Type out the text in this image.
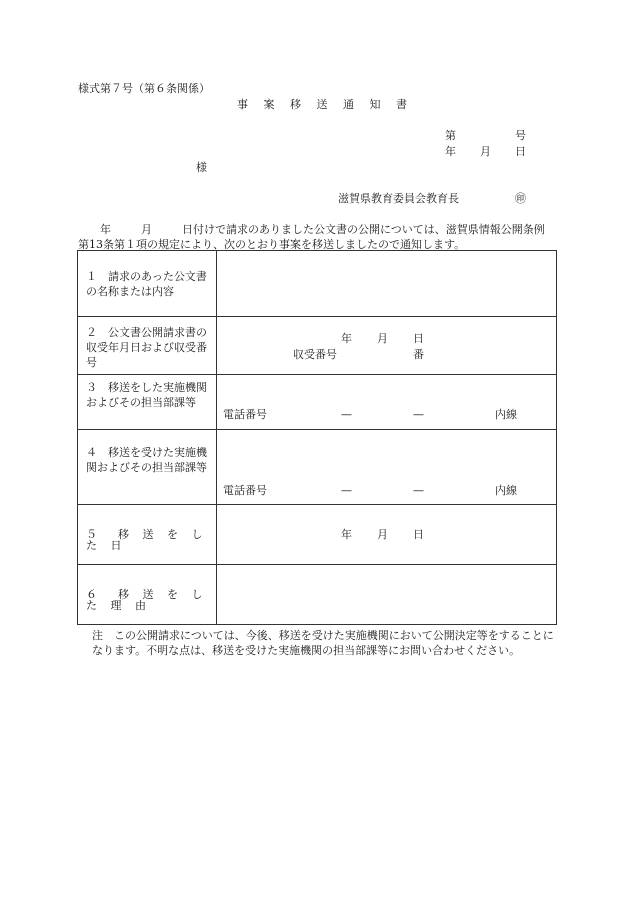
様式第７号（第６条関係）
事 案 移 送 通 知 書
第	号
年 月 日
様
滋賀県教育委員会教育長	㊞
年	月	日付けで請求のありました公文書の公開については、滋賀県情報公開条例第13条第１項の規定により、次のとおり事案を移送しましたので通知します。
１　請求のあった公文書の名称または内容	

２　公文書公開請求書の収受年月日および収受番号	年 月 日
収受番号 番

３　移送をした実施機関およびその担当部課等	電話番号 — — 内線

４　移送を受けた実施機関およびその担当部課等	電話番号 — — 内線

５　移 送 を し た 日	年 月 日

６　移 送 を し た 理 由	

注 この公開請求については、今後、移送を受けた実施機関において公開決定等をすることになります。不明な点は、移送を受けた実施機関の担当部課等にお問い合わせください。
